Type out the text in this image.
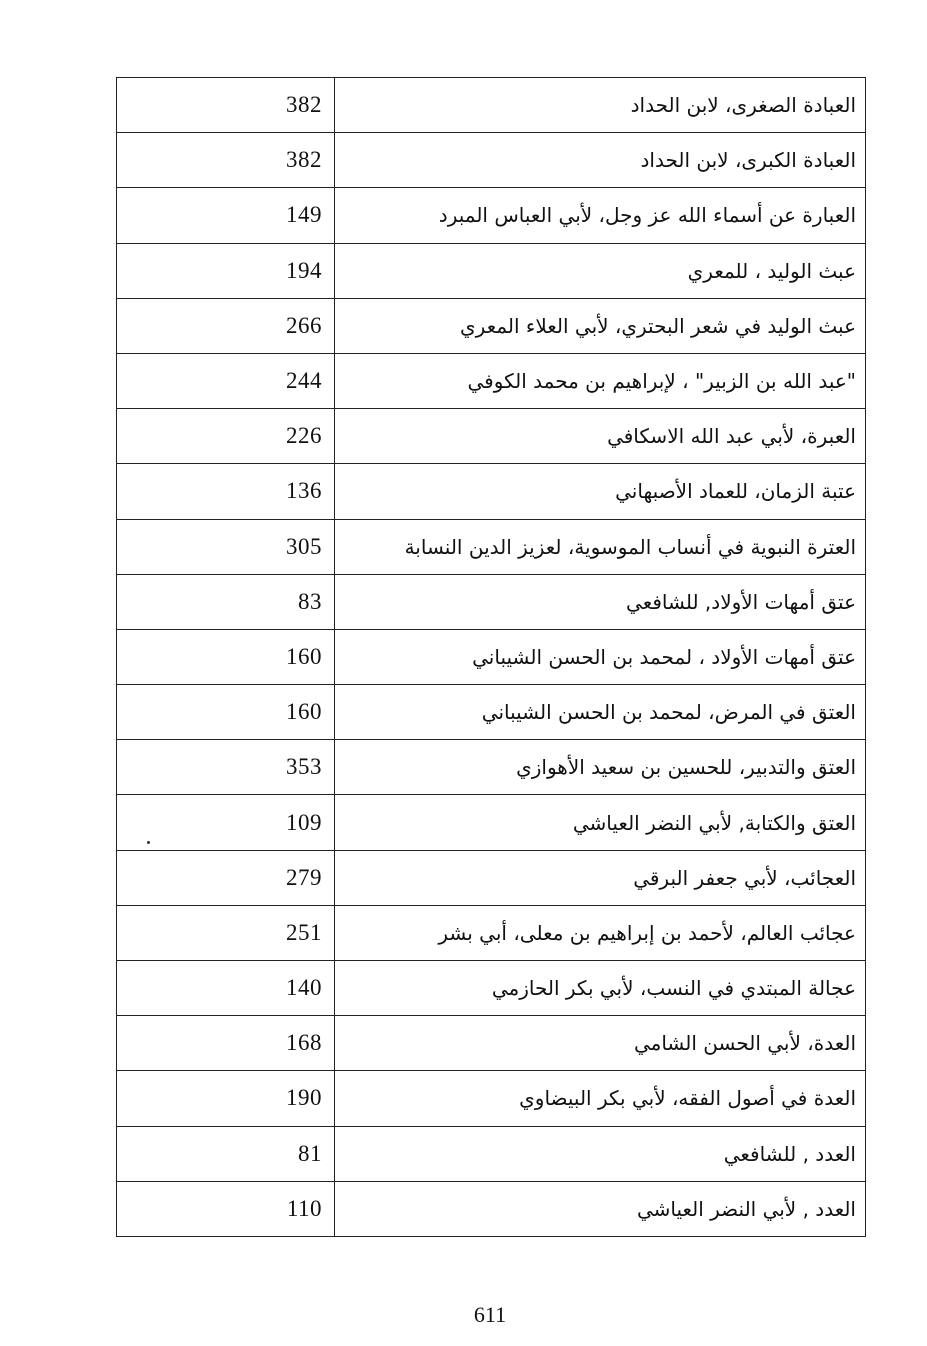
382	العبادة الصغرى، لابن الحداد
382	العبادة الكبرى، لابن الحداد
149	العبارة عن أسماء الله عز وجل، لأبي العباس المبرد
194	عبث الوليد ، للمعري
266	عبث الوليد في شعر البحتري، لأبي العلاء المعري
244	"عبد الله بن الزبير" ، لإبراهيم بن محمد الكوفي
226	العبرة، لأبي عبد الله الاسكافي
136	عتبة الزمان، للعماد الأصبهاني
305	العترة النبوية في أنساب الموسوية، لعزيز الدين النسابة
83	عتق أمهات الأولاد, للشافعي
160	عتق أمهات الأولاد ، لمحمد بن الحسن الشيباني
160	العتق في المرض، لمحمد بن الحسن الشيباني
353	العتق والتدبير، للحسين بن سعيد الأهوازي
109	العتق والكتابة, لأبي النضر العياشي
279	العجائب، لأبي جعفر البرقي
251	عجائب العالم، لأحمد بن إبراهيم بن معلى، أبي بشر
140	عجالة المبتدي في النسب، لأبي بكر الحازمي
168	العدة، لأبي الحسن الشامي
190	العدة في أصول الفقه، لأبي بكر البيضاوي
81	العدد , للشافعي
110	العدد , لأبي النضر العياشي
611
